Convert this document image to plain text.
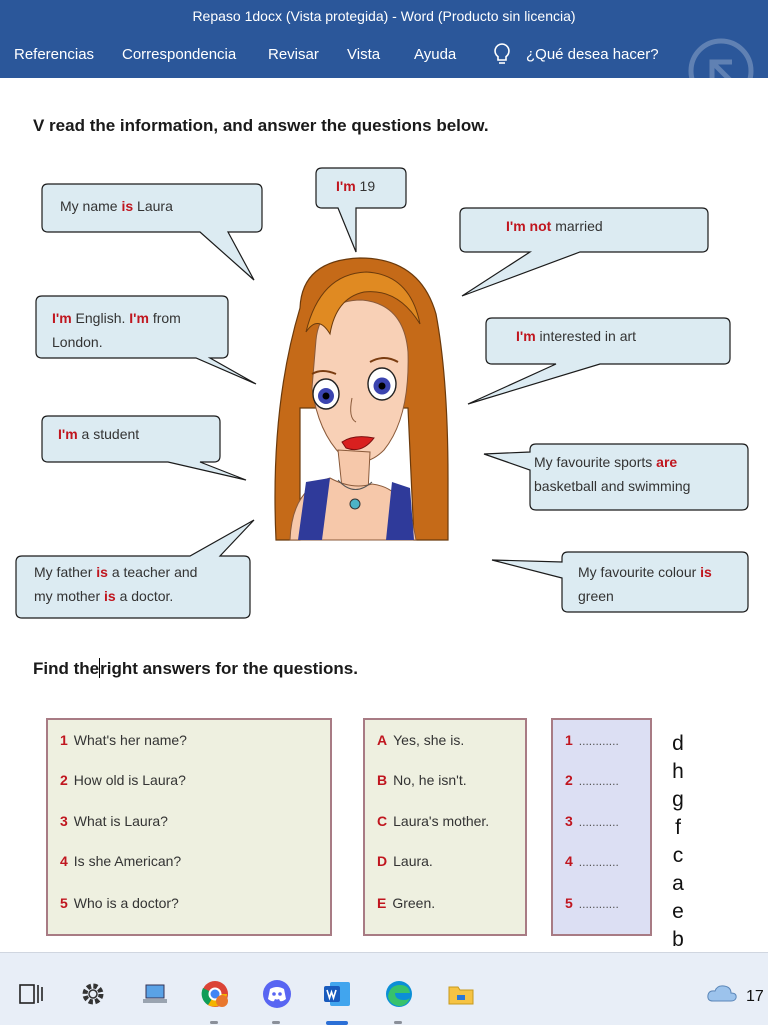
Repaso 1docx (Vista protegida) - Word (Producto sin licencia)
Referencias Correspondencia Revisar Vista Ayuda	¿Qué desea hacer?
V read the information, and answer the questions below.
My name is Laura
I'm 19
I'm not married
I'm English. I'm from
London.	I'm interested in art
I'm a student
My favourite sports are
basketball and swimming
My father is a teacher and
my mother is a doctor.
My favourite colour is
green
Find theright answers for the questions.
1 What's her name?
2 How old is Laura?
3 What is Laura?
4 Is she American?
5 Who is a doctor?
A Yes, she is.
B No, he isn't.
C Laura's mother.
D Laura.
E Green.
1 ............
2 ............
3 ............
4 ............
5 ............
d
h
g
f
c
a
e
b
17
